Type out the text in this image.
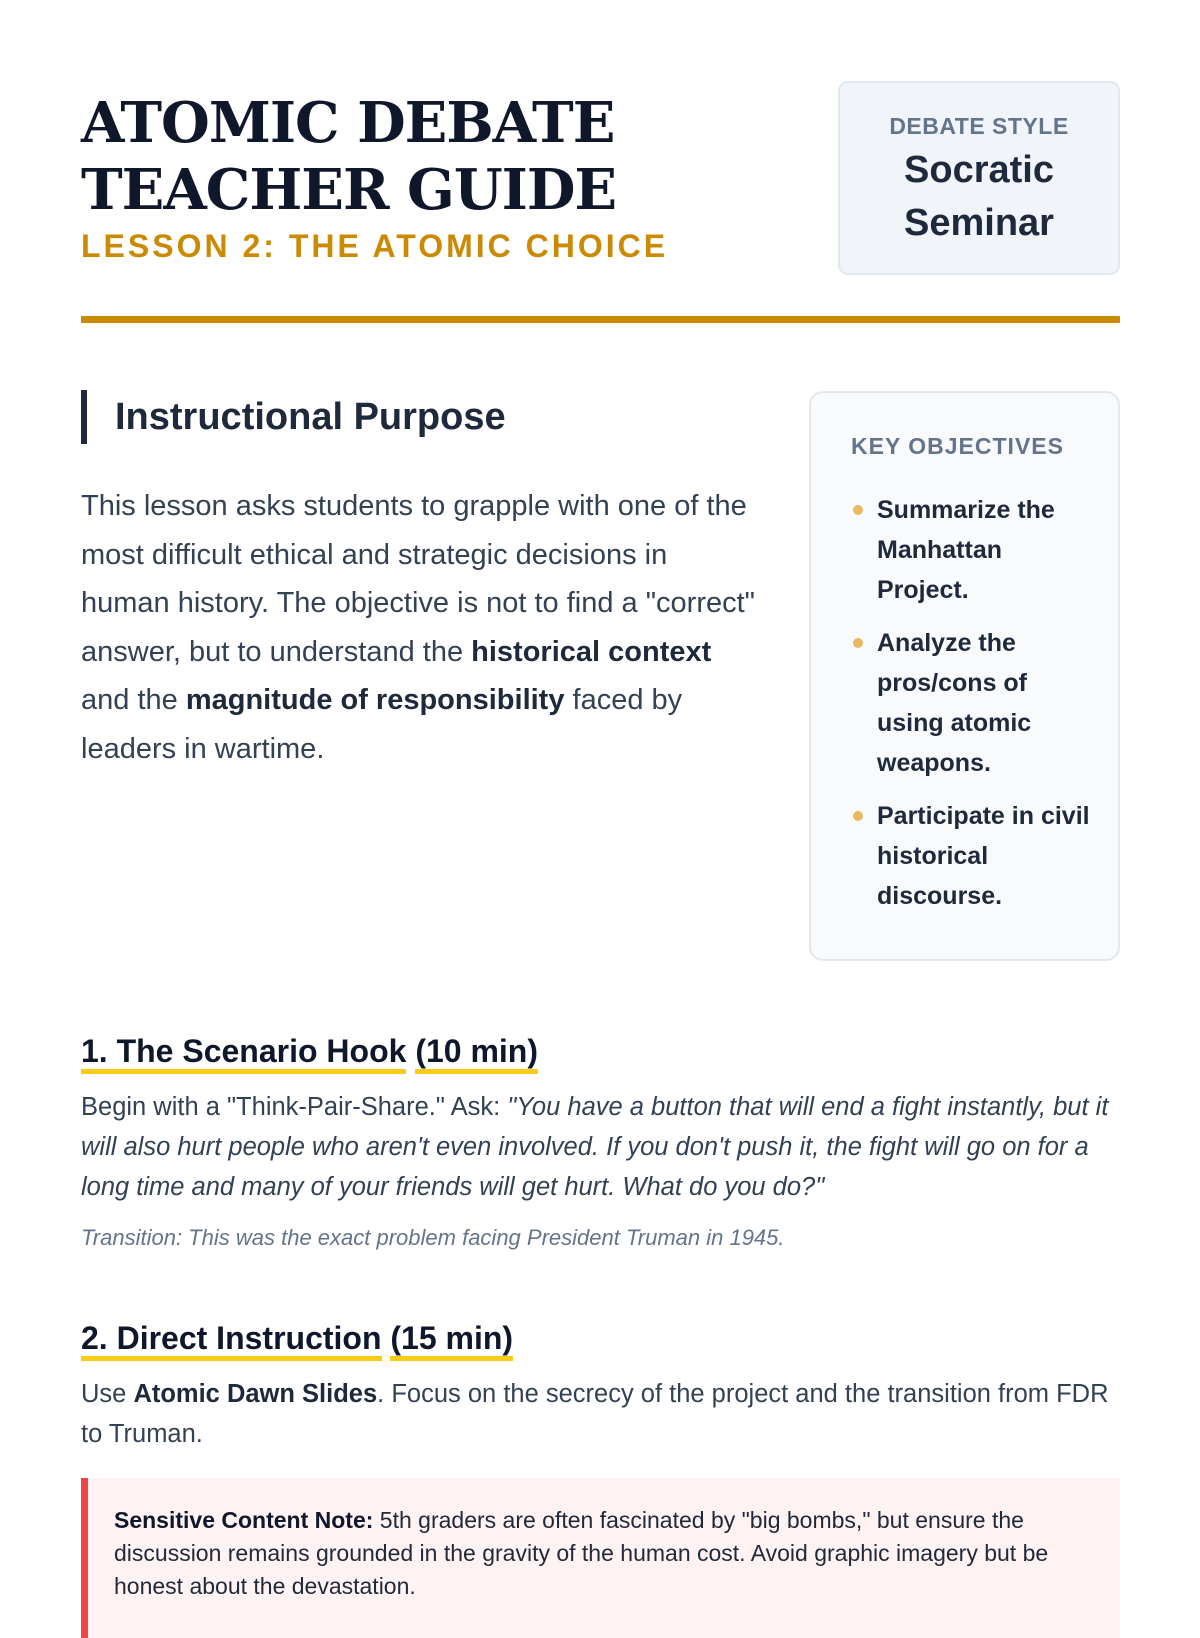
ATOMIC DEBATE
TEACHER GUIDE
LESSON 2: THE ATOMIC CHOICE
DEBATE STYLE
Socratic
Seminar
Instructional Purpose

This lesson asks students to grapple with one of the most difficult ethical and strategic decisions in human history. The objective is not to find a "correct" answer, but to understand the historical context and the magnitude of responsibility faced by leaders in wartime.

KEY OBJECTIVES
Summarize the Manhattan Project.
Analyze the pros/cons of using atomic weapons.
Participate in civil historical discourse.
1. The Scenario Hook (10 min)

Begin with a "Think-Pair-Share." Ask: "You have a button that will end a fight instantly, but it will also hurt people who aren't even involved. If you don't push it, the fight will go on for a long time and many of your friends will get hurt. What do you do?"

Transition: This was the exact problem facing President Truman in 1945.

2. Direct Instruction (15 min)

Use Atomic Dawn Slides. Focus on the secrecy of the project and the transition from FDR to Truman.

Sensitive Content Note: 5th graders are often fascinated by "big bombs," but ensure the discussion remains grounded in the gravity of the human cost. Avoid graphic imagery but be honest about the devastation.
